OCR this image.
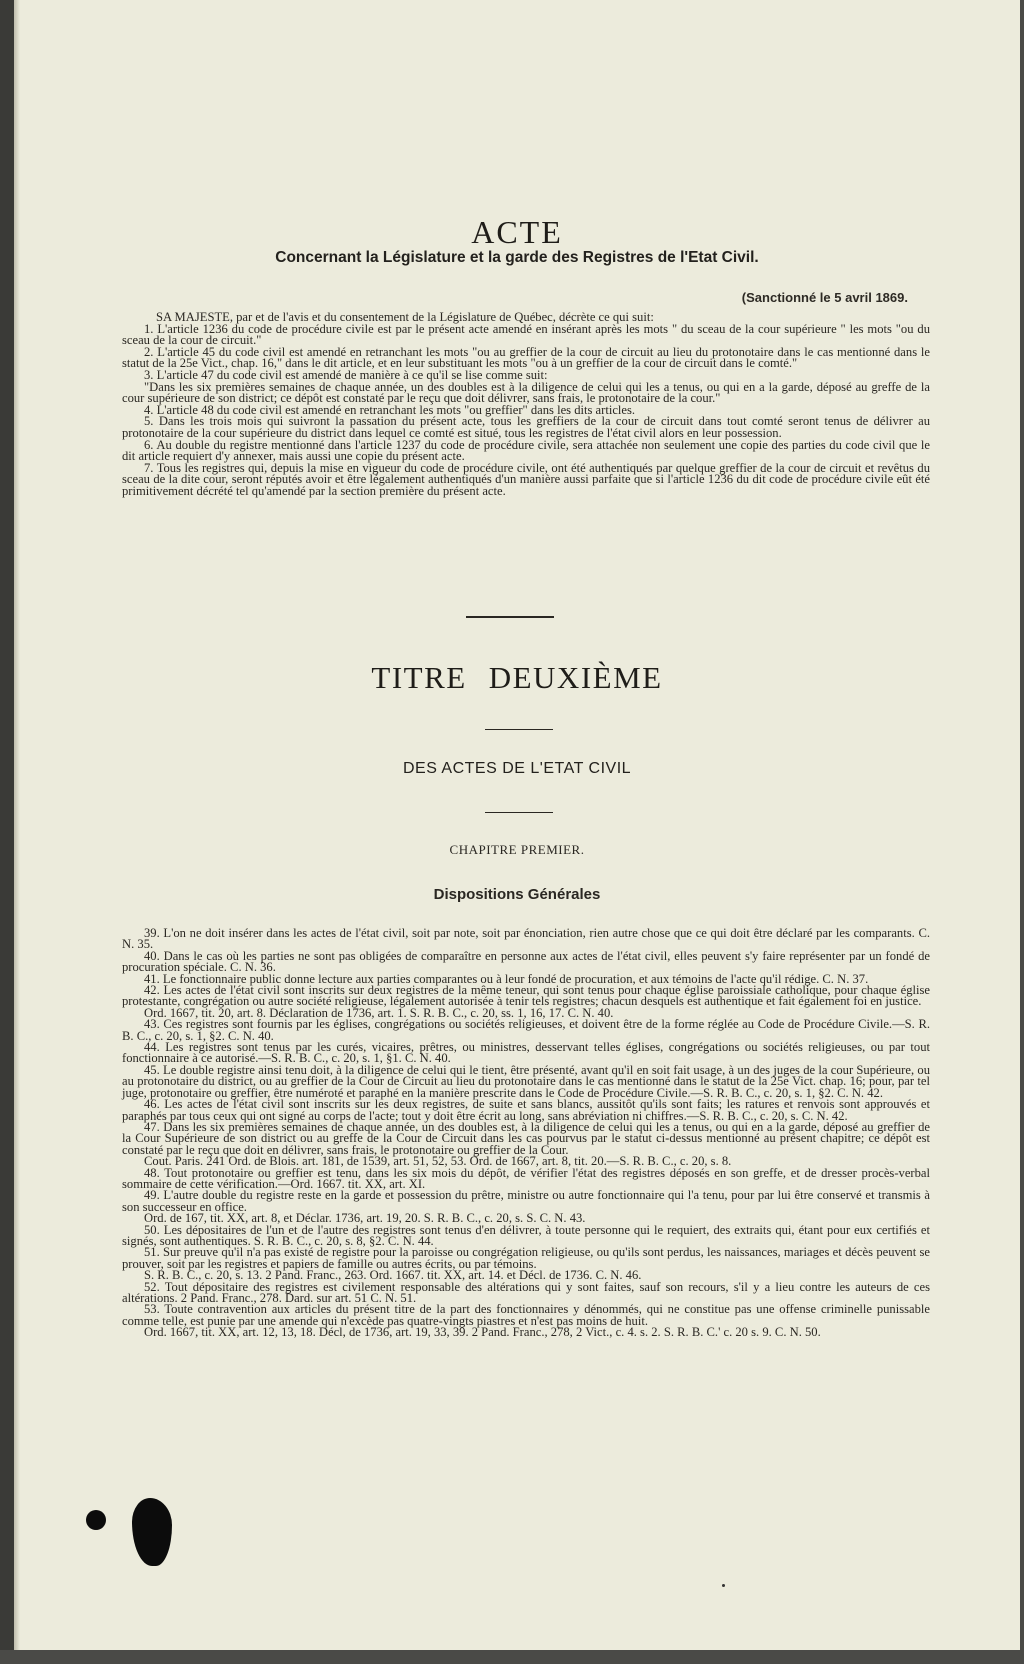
ACTE
Concernant la Législature et la garde des Registres de l'Etat Civil.
(Sanctionné le 5 avril 1869.

SA MAJESTE, par et de l'avis et du consentement de la Législature de Québec, décrète ce qui suit:

1. L'article 1236 du code de procédure civile est par le présent acte amendé en insérant après les mots " du sceau de la cour supérieure " les mots "ou du sceau de la cour de circuit."

2. L'article 45 du code civil est amendé en retranchant les mots "ou au greffier de la cour de circuit au lieu du protonotaire dans le cas mentionné dans le statut de la 25e Vict., chap. 16," dans le dit article, et en leur substituant les mots "ou à un greffier de la cour de circuit dans le comté."

3. L'article 47 du code civil est amendé de manière à ce qu'il se lise comme suit:

"Dans les six premières semaines de chaque année, un des doubles est à la diligence de celui qui les a tenus, ou qui en a la garde, déposé au greffe de la cour supérieure de son district; ce dépôt est constaté par le reçu que doit délivrer, sans frais, le protonotaire de la cour."

4. L'article 48 du code civil est amendé en retranchant les mots "ou greffier" dans les dits articles.

5. Dans les trois mois qui suivront la passation du présent acte, tous les greffiers de la cour de circuit dans tout comté seront tenus de délivrer au protonotaire de la cour supérieure du district dans lequel ce comté est situé, tous les registres de l'état civil alors en leur possession.

6. Au double du registre mentionné dans l'article 1237 du code de procédure civile, sera attachée non seulement une copie des parties du code civil que le dit article requiert d'y annexer, mais aussi une copie du présent acte.

7. Tous les registres qui, depuis la mise en vigueur du code de procédure civile, ont été authentiqués par quelque greffier de la cour de circuit et revêtus du sceau de la dite cour, seront réputés avoir et être légalement authentiqués d'un manière aussi parfaite que si l'article 1236 du dit code de procédure civile eût été primitivement décrété tel qu'amendé par la section première du présent acte.

TITRE DEUXIÈME
DES ACTES DE L'ETAT CIVIL
CHAPITRE PREMIER.
Dispositions Générales

39. L'on ne doit insérer dans les actes de l'état civil, soit par note, soit par énonciation, rien autre chose que ce qui doit être déclaré par les comparants. C. N. 35.

40. Dans le cas où les parties ne sont pas obligées de comparaître en personne aux actes de l'état civil, elles peuvent s'y faire représenter par un fondé de procuration spéciale. C. N. 36.

41. Le fonctionnaire public donne lecture aux parties comparantes ou à leur fondé de procuration, et aux témoins de l'acte qu'il rédige. C. N. 37.

42. Les actes de l'état civil sont inscrits sur deux registres de la même teneur, qui sont tenus pour chaque église paroissiale catholique, pour chaque église protestante, congrégation ou autre société religieuse, légalement autorisée à tenir tels registres; chacun desquels est authentique et fait également foi en justice.

Ord. 1667, tit. 20, art. 8. Déclaration de 1736, art. 1. S. R. B. C., c. 20, ss. 1, 16, 17. C. N. 40.

43. Ces registres sont fournis par les églises, congrégations ou sociétés religieuses, et doivent être de la forme réglée au Code de Procédure Civile.—S. R. B. C., c. 20, s. 1, §2. C. N. 40.

44. Les registres sont tenus par les curés, vicaires, prêtres, ou ministres, desservant telles églises, congrégations ou sociétés religieuses, ou par tout fonctionnaire à ce autorisé.—S. R. B. C., c. 20, s. 1, §1. C. N. 40.

45. Le double registre ainsi tenu doit, à la diligence de celui qui le tient, être présenté, avant qu'il en soit fait usage, à un des juges de la cour Supérieure, ou au protonotaire du district, ou au greffier de la Cour de Circuit au lieu du protonotaire dans le cas mentionné dans le statut de la 25e Vict. chap. 16; pour, par tel juge, protonotaire ou greffier, être numéroté et paraphé en la manière prescrite dans le Code de Procédure Civile.—S. R. B. C., c. 20, s. 1, §2. C. N. 42.

46. Les actes de l'état civil sont inscrits sur les deux registres, de suite et sans blancs, aussitôt qu'ils sont faits; les ratures et renvois sont approuvés et paraphés par tous ceux qui ont signé au corps de l'acte; tout y doit être écrit au long, sans abréviation ni chiffres.—S. R. B. C., c. 20, s. C. N. 42.

47. Dans les six premières semaines de chaque année, un des doubles est, à la diligence de celui qui les a tenus, ou qui en a la garde, déposé au greffier de la Cour Supérieure de son district ou au greffe de la Cour de Circuit dans les cas pourvus par le statut ci-dessus mentionné au présent chapitre; ce dépôt est constaté par le reçu que doit en délivrer, sans frais, le protonotaire ou greffier de la Cour.

Cout. Paris. 241 Ord. de Blois. art. 181, de 1539, art. 51, 52, 53. Ord. de 1667, art. 8, tit. 20.—S. R. B. C., c. 20, s. 8.

48. Tout protonotaire ou greffier est tenu, dans les six mois du dépôt, de vérifier l'état des registres déposés en son greffe, et de dresser procès-verbal sommaire de cette vérification.—Ord. 1667. tit. XX, art. XI.

49. L'autre double du registre reste en la garde et possession du prêtre, ministre ou autre fonctionnaire qui l'a tenu, pour par lui être conservé et transmis à son successeur en office.

Ord. de 167, tit. XX, art. 8, et Déclar. 1736, art. 19, 20. S. R. B. C., c. 20, s. S. C. N. 43.

50. Les dépositaires de l'un et de l'autre des registres sont tenus d'en délivrer, à toute personne qui le requiert, des extraits qui, étant pour eux certifiés et signés, sont authentiques. S. R. B. C., c. 20, s. 8, §2. C. N. 44.

51. Sur preuve qu'il n'a pas existé de registre pour la paroisse ou congrégation religieuse, ou qu'ils sont perdus, les naissances, mariages et décès peuvent se prouver, soit par les registres et papiers de famille ou autres écrits, ou par témoins.

S. R. B. C., c. 20, s. 13. 2 Pand. Franc., 263. Ord. 1667. tit. XX, art. 14. et Décl. de 1736. C. N. 46.

52. Tout dépositaire des registres est civilement responsable des altérations qui y sont faites, sauf son recours, s'il y a lieu contre les auteurs de ces altérations. 2 Pand. Franc., 278. Dard. sur art. 51 C. N. 51.

53. Toute contravention aux articles du présent titre de la part des fonctionnaires y dénommés, qui ne constitue pas une offense criminelle punissable comme telle, est punie par une amende qui n'excède pas quatre-vingts piastres et n'est pas moins de huit.

Ord. 1667, tit. XX, art. 12, 13, 18. Décl, de 1736, art. 19, 33, 39. 2 Pand. Franc., 278, 2 Vict., c. 4. s. 2. S. R. B. C.' c. 20 s. 9. C. N. 50.
